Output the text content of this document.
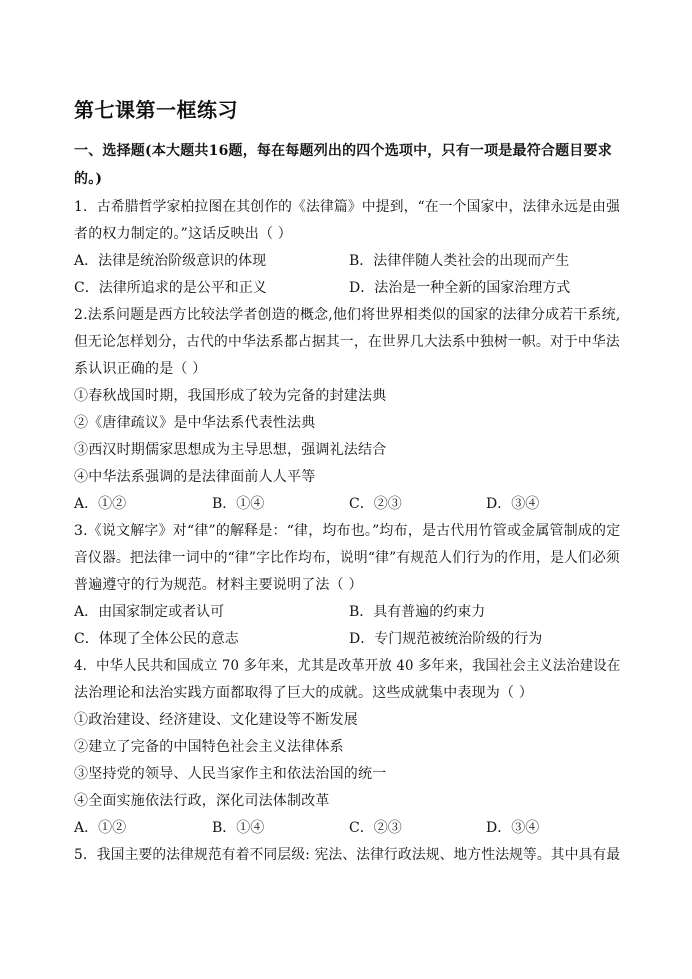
第七课第一框练习
一、选择题(本大题共16题，每在每题列出的四个选项中，只有一项是最符合题目要求
的。)
1．古希腊哲学家柏拉图在其创作的《法律篇》中提到，“在一个国家中，法律永远是由强
者的权力制定的。”这话反映出（ ）
A．法律是统治阶级意识的体现	B．法律伴随人类社会的出现而产生
C．法律所追求的是公平和正义	D．法治是一种全新的国家治理方式
2.法系问题是西方比较法学者创造的概念,他们将世界相类似的国家的法律分成若干系统,
但无论怎样划分，古代的中华法系都占据其一，在世界几大法系中独树一帜。对于中华法
系认识正确的是（ ）
①春秋战国时期，我国形成了较为完备的封建法典
②《唐律疏议》是中华法系代表性法典
③西汉时期儒家思想成为主导思想，强调礼法结合
④中华法系强调的是法律面前人人平等
A．①②	B．①④	C．②③	D．③④
3.《说文解字》对“律”的解释是：“律，均布也。”均布，是古代用竹管或金属管制成的定
音仪器。把法律一词中的“律”字比作均布，说明“律”有规范人们行为的作用，是人们必须
普遍遵守的行为规范。材料主要说明了法（ ）
A．由国家制定或者认可	B．具有普遍的约束力
C．体现了全体公民的意志	D．专门规范被统治阶级的行为
4．中华人民共和国成立 70 多年来，尤其是改革开放 40 多年来，我国社会主义法治建设在
法治理论和法治实践方面都取得了巨大的成就。这些成就集中表现为（ ）
①政治建设、经济建设、文化建设等不断发展
②建立了完备的中国特色社会主义法律体系
③坚持党的领导、人民当家作主和依法治国的统一
④全面实施依法行政，深化司法体制改革
A．①②	B．①④	C．②③	D．③④
5．我国主要的法律规范有着不同层级: 宪法、法律行政法规、地方性法规等。其中具有最
